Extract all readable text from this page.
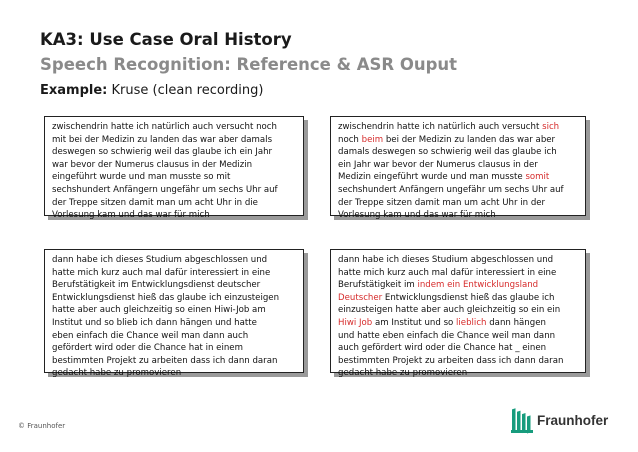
KA3: Use Case Oral History
Speech Recognition: Reference & ASR Ouput
Example: Kruse (clean recording)
zwischendrin hatte ich natürlich auch versucht noch
mit bei der Medizin zu landen das war aber damals
deswegen so schwierig weil das glaube ich ein Jahr
war bevor der Numerus clausus in der Medizin
eingeführt wurde und man musste so mit
sechshundert Anfängern ungefähr um sechs Uhr auf
der Treppe sitzen damit man um acht Uhr in die
Vorlesung kam und das war für mich
zwischendrin hatte ich natürlich auch versucht sich
noch beim bei der Medizin zu landen das war aber
damals deswegen so schwierig weil das glaube ich
ein Jahr war bevor der Numerus clausus in der
Medizin eingeführt wurde und man musste somit
sechshundert Anfängern ungefähr um sechs Uhr auf
der Treppe sitzen damit man um acht Uhr in der
Vorlesung kam und das war für mich
dann habe ich dieses Studium abgeschlossen und
hatte mich kurz auch mal dafür interessiert in eine
Berufstätigkeit im Entwicklungsdienst deutscher
Entwicklungsdienst hieß das glaube ich einzusteigen
hatte aber auch gleichzeitig so einen Hiwi-Job am
Institut und so blieb ich dann hängen und hatte
eben einfach die Chance weil man dann auch
gefördert wird oder die Chance hat in einem
bestimmten Projekt zu arbeiten dass ich dann daran
gedacht habe zu promovieren
dann habe ich dieses Studium abgeschlossen und
hatte mich kurz auch mal dafür interessiert in eine
Berufstätigkeit im indem ein Entwicklungsland
Deutscher Entwicklungsdienst hieß das glaube ich
einzusteigen hatte aber auch gleichzeitig so ein ein
Hiwi Job am Institut und so lieblich dann hängen
und hatte eben einfach die Chance weil man dann
auch gefördert wird oder die Chance hat _ einen
bestimmten Projekt zu arbeiten dass ich dann daran
gedacht habe zu promovieren
© Fraunhofer	Fraunhofer
